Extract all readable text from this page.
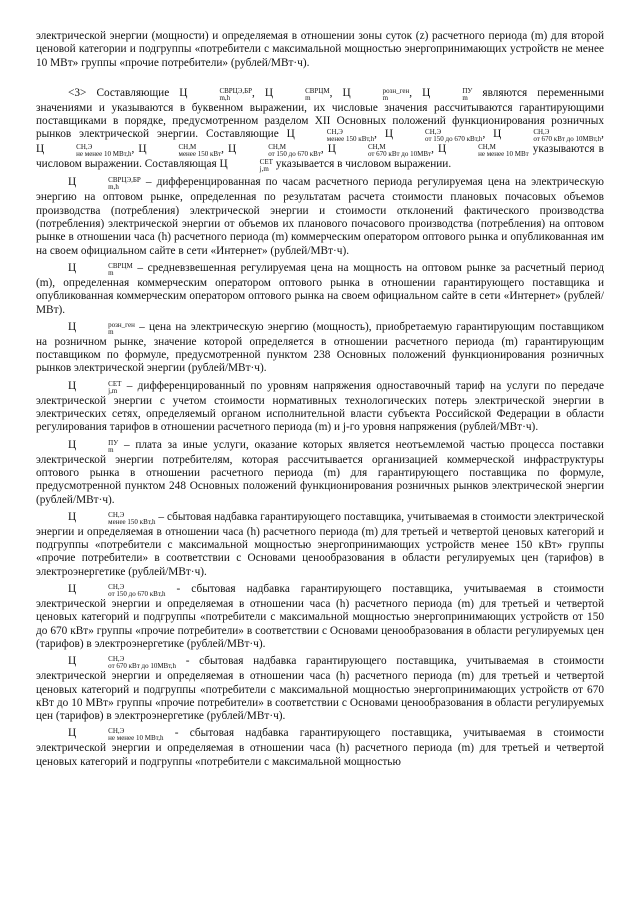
электрической энергии (мощности) и определяемая в отношении зоны суток (z) расчетного периода (m) для второй ценовой категории и подгруппы «потребители с максимальной мощностью энергопринимающих устройств не менее 10 МВт» группы «прочие потребители» (рублей/МВт·ч).

<3> Составляющие Ц	СВРЦЭ,БР
m,h	, Ц	СВРЦМ
m	, Ц	розн_ген
m	, Ц	ПУ
m	являются переменными значениями и указываются в буквенном выражении, их числовые значения рассчитываются гарантирующими поставщиками в порядке, предусмотренном разделом XII Основных положений функционирования розничных рынков электрической энергии. Составляющие Ц	СН,Э
менее 150 кВт,h , Ц	СН,Э
от 150 до 670 кВт,h , Ц	СН,Э
от 670 кВт до 10МВт,h , Ц	СН,Э
не менее 10 МВт,h , Ц	СН,М
менее 150 кВт , Ц	СН,М
от 150 до 670 кВт , Ц	СН,М
от 670 кВт до 10МВт , Ц	СН,М
не менее 10 МВт указываются в числовом выражении. Составляющая Ц	СЕТ
j,m указывается в числовом выражении.

Ц	СВРЦЭ,БР
m,h	– дифференцированная по часам расчетного периода регулируемая цена на электрическую энергию на оптовом рынке, определенная по результатам расчета стоимости плановых почасовых объемов производства (потребления) электрической энергии и стоимости отклонений фактического производства (потребления) электрической энергии от объемов их планового почасового производства (потребления) на оптовом рынке в отношении часа (h) расчетного периода (m) коммерческим оператором оптового рынка и опубликованная им на своем официальном сайте в сети «Интернет» (рублей/МВт·ч).

Ц	СВРЦМ
m	– средневзвешенная регулируемая цена на мощность на оптовом рынке за расчетный период (m), определенная коммерческим оператором оптового рынка в отношении гарантирующего поставщика и опубликованная коммерческим оператором оптового рынка на своем официальном сайте в сети «Интернет» (рублей/МВт).

Ц	розн_ген
m	– цена на электрическую энергию (мощность), приобретаемую гарантирующим поставщиком на розничном рынке, значение которой определяется в отношении расчетного периода (m) гарантирующим поставщиком по формуле, предусмотренной пунктом 238 Основных положений функционирования розничных рынков электрической энергии (рублей/МВт·ч).

Ц	СЕТ
j,m – дифференцированный по уровням напряжения одноставочный тариф на услуги по передаче электрической энергии с учетом стоимости нормативных технологических потерь электрической энергии в электрических сетях, определяемый органом исполнительной власти субъекта Российской Федерации в области регулирования тарифов в отношении расчетного периода (m) и j-го уровня напряжения (рублей/МВт·ч).

Ц	ПУ
m – плата за иные услуги, оказание которых является неотъемлемой частью процесса поставки электрической энергии потребителям, которая рассчитывается организацией коммерческой инфраструктуры оптового рынка в отношении расчетного периода (m) для гарантирующего поставщика по формуле, предусмотренной пунктом 248 Основных положений функционирования розничных рынков электрической энергии (рублей/МВт·ч).

Ц	СН,Э
менее 150 кВт,h – сбытовая надбавка гарантирующего поставщика, учитываемая в стоимости электрической энергии и определяемая в отношении часа (h) расчетного периода (m) для третьей и четвертой ценовых категорий и подгруппы «потребители с максимальной мощностью энергопринимающих устройств менее 150 кВт» группы «прочие потребители» в соответствии с Основами ценообразования в области регулируемых цен (тарифов) в электроэнергетике (рублей/МВт·ч).

Ц	СН,Э
от 150 до 670 кВт,h - сбытовая надбавка гарантирующего поставщика, учитываемая в стоимости электрической энергии и определяемая в отношении часа (h) расчетного периода (m) для третьей и четвертой ценовых категорий и подгруппы «потребители с максимальной мощностью энергопринимающих устройств от 150 до 670 кВт» группы «прочие потребители» в соответствии с Основами ценообразования в области регулируемых цен (тарифов) в электроэнергетике (рублей/МВт·ч).

Ц	СН,Э
от 670 кВт до 10МВт,h - сбытовая надбавка гарантирующего поставщика, учитываемая в стоимости электрической энергии и определяемая в отношении часа (h) расчетного периода (m) для третьей и четвертой ценовых категорий и подгруппы «потребители с максимальной мощностью энергопринимающих устройств от 670 кВт до 10 МВт» группы «прочие потребители» в соответствии с Основами ценообразования в области регулируемых цен (тарифов) в электроэнергетике (рублей/МВт·ч).

Ц	СН,Э
не менее 10 МВт,h - сбытовая надбавка гарантирующего поставщика, учитываемая в стоимости электрической энергии и определяемая в отношении часа (h) расчетного периода (m) для третьей и четвертой ценовых категорий и подгруппы «потребители с максимальной мощностью
